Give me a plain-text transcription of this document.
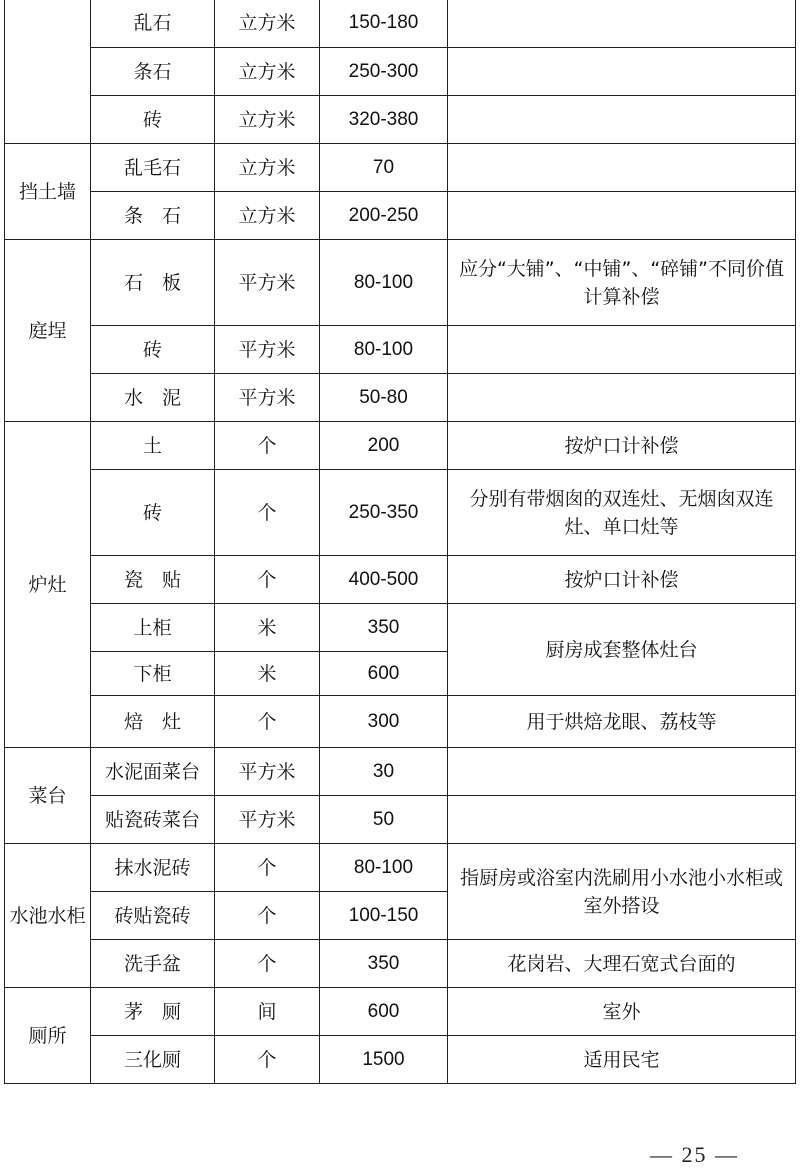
	乱石	立方米	150-180	
	条石	立方米	250-300	
	砖	立方米	320-380	
挡土墙	乱毛石	立方米	70	
	条　石	立方米	200-250	
庭埕	石　板	平方米	80-100	应分“大铺”、“中铺”、“碎铺”不同价值计算补偿
	砖	平方米	80-100	
	水　泥	平方米	50-80	
炉灶	土	个	200	按炉口计补偿
	砖	个	250-350	分别有带烟囱的双连灶、无烟囱双连灶、单口灶等
	瓷　贴	个	400-500	按炉口计补偿
	上柜	米	350	厨房成套整体灶台
	下柜	米	600	
	焙　灶	个	300	用于烘焙龙眼、荔枝等
菜台	水泥面菜台	平方米	30	
	贴瓷砖菜台	平方米	50	
水池水柜	抹水泥砖	个	80-100	指厨房或浴室内洗刷用小水池小水柜或室外搭设
	砖贴瓷砖	个	100-150	
	洗手盆	个	350	花岗岩、大理石宽式台面的
厕所	茅　厕	间	600	室外
	三化厕	个	1500	适用民宅
— 25 —
